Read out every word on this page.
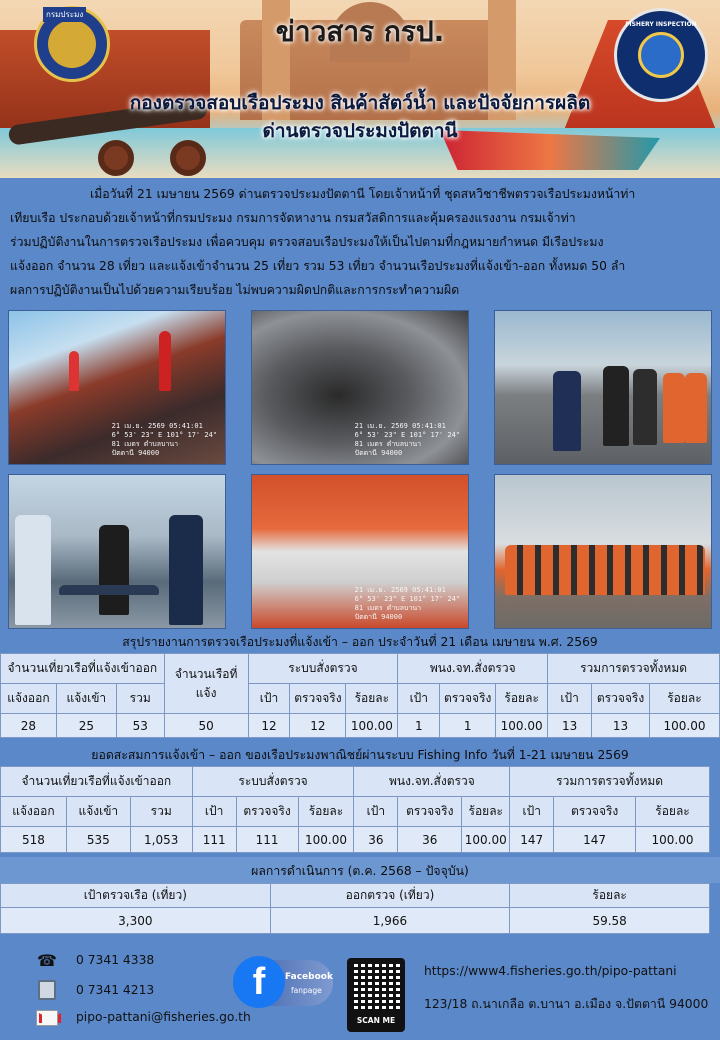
กรมประมง
FISHERY INSPECTION
ข่าวสาร กรป.
กองตรวจสอบเรือประมง สินค้าสัตว์น้ำ และปัจจัยการผลิต
ด่านตรวจประมงปัตตานี
เมื่อวันที่ 21 เมษายน 2569 ด่านตรวจประมงปัตตานี โดยเจ้าหน้าที่ ชุดสหวิชาชีพตรวจเรือประมงหน้าท่า
เทียบเรือ ประกอบด้วยเจ้าหน้าที่กรมประมง กรมการจัดหางาน กรมสวัสดิการและคุ้มครองแรงงาน กรมเจ้าท่า
ร่วมปฏิบัติงานในการตรวจเรือประมง เพื่อควบคุม ตรวจสอบเรือประมงให้เป็นไปตามที่กฎหมายกำหนด มีเรือประมง
แจ้งออก จำนวน 28 เที่ยว และแจ้งเข้าจำนวน 25 เที่ยว รวม 53 เที่ยว จำนวนเรือประมงที่แจ้งเข้า-ออก ทั้งหมด 50 ลำ
ผลการปฏิบัติงานเป็นไปด้วยความเรียบร้อย ไม่พบความผิดปกติและการกระทำความผิด
21 เม.ย. 2569 05:41:01
6° 53' 23" E 101° 17' 24"
81 เมตร ตำบลบานา
ปัตตานี 94000
21 เม.ย. 2569 05:41:01
6° 53' 23" E 101° 17' 24"
81 เมตร ตำบลบานา
ปัตตานี 94000
21 เม.ย. 2569 05:41:01
6° 53' 23" E 101° 17' 24"
81 เมตร ตำบลบานา
ปัตตานี 94000
สรุปรายงานการตรวจเรือประมงที่แจ้งเข้า – ออก ประจำวันที่ 21 เดือน เมษายน พ.ศ. 2569
จำนวนเที่ยวเรือที่แจ้งเข้าออก			จำนวนเรือที่แจ้ง	ระบบสั่งตรวจ			พนง.จท.สั่งตรวจ			รวมการตรวจทั้งหมด		
แจ้งออก	แจ้งเข้า	รวม		เป้า	ตรวจจริง	ร้อยละ	เป้า	ตรวจจริง	ร้อยละ	เป้า	ตรวจจริง	ร้อยละ
28	25	53	50	12	12	100.00	1	1	100.00	13	13	100.00
ยอดสะสมการแจ้งเข้า – ออก ของเรือประมงพาณิชย์ผ่านระบบ Fishing Info วันที่ 1-21 เมษายน 2569
จำนวนเที่ยวเรือที่แจ้งเข้าออก			ระบบสั่งตรวจ			พนง.จท.สั่งตรวจ			รวมการตรวจทั้งหมด		
แจ้งออก	แจ้งเข้า	รวม	เป้า	ตรวจจริง	ร้อยละ	เป้า	ตรวจจริง	ร้อยละ	เป้า	ตรวจจริง	ร้อยละ
518	535	1,053	111	111	100.00	36	36	100.00	147	147	100.00
ผลการดำเนินการ (ต.ค. 2568 – ปัจจุบัน)
เป้าตรวจเรือ (เที่ยว)	ออกตรวจ (เที่ยว)	ร้อยละ
3,300	1,966	59.58
☎ 0 7341 4338
0 7341 4213
pipo-pattani@fisheries.go.th
f	Facebook
fanpage
SCAN ME
https://www4.fisheries.go.th/pipo-pattani
123/18 ถ.นาเกลือ ต.บานา อ.เมือง จ.ปัตตานี 94000
